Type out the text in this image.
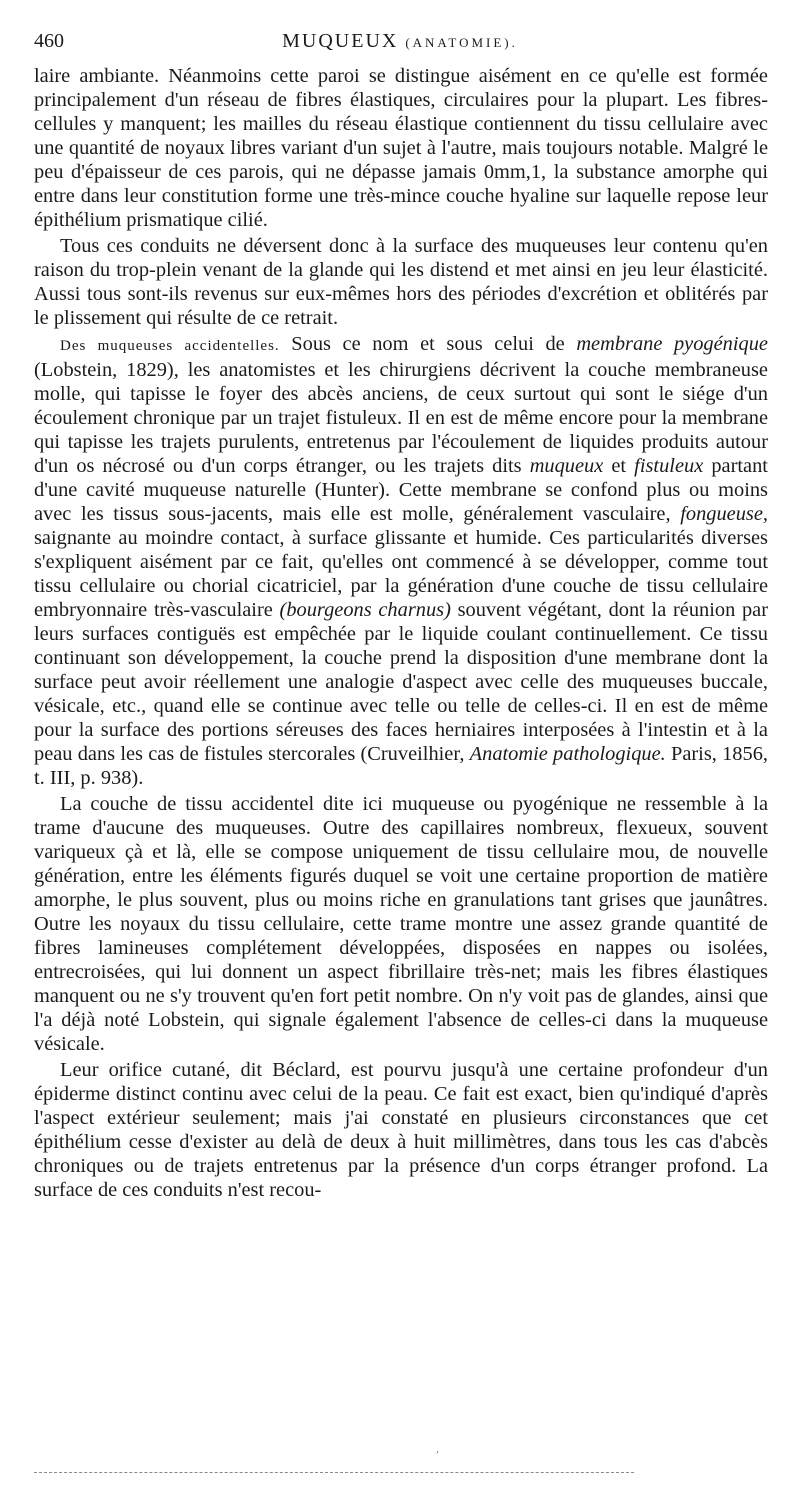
460	MUQUEUX (ANATOMIE).

laire ambiante. Néanmoins cette paroi se distingue aisément en ce qu'elle est formée principalement d'un réseau de fibres élastiques, circulaires pour la plupart. Les fibres-cellules y manquent; les mailles du réseau élastique contiennent du tissu cellulaire avec une quantité de noyaux libres variant d'un sujet à l'autre, mais toujours notable. Malgré le peu d'épaisseur de ces parois, qui ne dépasse jamais 0mm,1, la substance amorphe qui entre dans leur constitution forme une très-mince couche hyaline sur laquelle repose leur épithélium prismatique cilié.

Tous ces conduits ne déversent donc à la surface des muqueuses leur contenu qu'en raison du trop-plein venant de la glande qui les distend et met ainsi en jeu leur élasticité. Aussi tous sont-ils revenus sur eux-mêmes hors des périodes d'excrétion et oblitérés par le plissement qui résulte de ce retrait.

Des muqueuses accidentelles. Sous ce nom et sous celui de membrane pyogénique (Lobstein, 1829), les anatomistes et les chirurgiens décrivent la couche membraneuse molle, qui tapisse le foyer des abcès anciens, de ceux surtout qui sont le siége d'un écoulement chronique par un trajet fistuleux. Il en est de même encore pour la membrane qui tapisse les trajets purulents, entretenus par l'écoulement de liquides produits autour d'un os nécrosé ou d'un corps étranger, ou les trajets dits muqueux et fistuleux partant d'une cavité muqueuse naturelle (Hunter). Cette membrane se confond plus ou moins avec les tissus sous-jacents, mais elle est molle, généralement vasculaire, fongueuse, saignante au moindre contact, à surface glissante et humide. Ces particularités diverses s'expliquent aisément par ce fait, qu'elles ont commencé à se développer, comme tout tissu cellulaire ou chorial cicatriciel, par la génération d'une couche de tissu cellulaire embryonnaire très-vasculaire (bourgeons charnus) souvent végétant, dont la réunion par leurs surfaces contiguës est empêchée par le liquide coulant continuellement. Ce tissu continuant son développement, la couche prend la disposition d'une membrane dont la surface peut avoir réellement une analogie d'aspect avec celle des muqueuses buccale, vésicale, etc., quand elle se continue avec telle ou telle de celles-ci. Il en est de même pour la surface des portions séreuses des faces herniaires interposées à l'intestin et à la peau dans les cas de fistules stercorales (Cruveilhier, Anatomie pathologique. Paris, 1856, t. III, p. 938).

La couche de tissu accidentel dite ici muqueuse ou pyogénique ne ressemble à la trame d'aucune des muqueuses. Outre des capillaires nombreux, flexueux, souvent variqueux çà et là, elle se compose uniquement de tissu cellulaire mou, de nouvelle génération, entre les éléments figurés duquel se voit une certaine proportion de matière amorphe, le plus souvent, plus ou moins riche en granulations tant grises que jaunâtres. Outre les noyaux du tissu cellulaire, cette trame montre une assez grande quantité de fibres lamineuses complétement développées, disposées en nappes ou isolées, entrecroisées, qui lui donnent un aspect fibrillaire très-net; mais les fibres élastiques manquent ou ne s'y trouvent qu'en fort petit nombre. On n'y voit pas de glandes, ainsi que l'a déjà noté Lobstein, qui signale également l'absence de celles-ci dans la muqueuse vésicale.

Leur orifice cutané, dit Béclard, est pourvu jusqu'à une certaine profondeur d'un épiderme distinct continu avec celui de la peau. Ce fait est exact, bien qu'indiqué d'après l'aspect extérieur seulement; mais j'ai constaté en plusieurs circonstances que cet épithélium cesse d'exister au delà de deux à huit millimètres, dans tous les cas d'abcès chroniques ou de trajets entretenus par la présence d'un corps étranger profond. La surface de ces conduits n'est recou-

,
